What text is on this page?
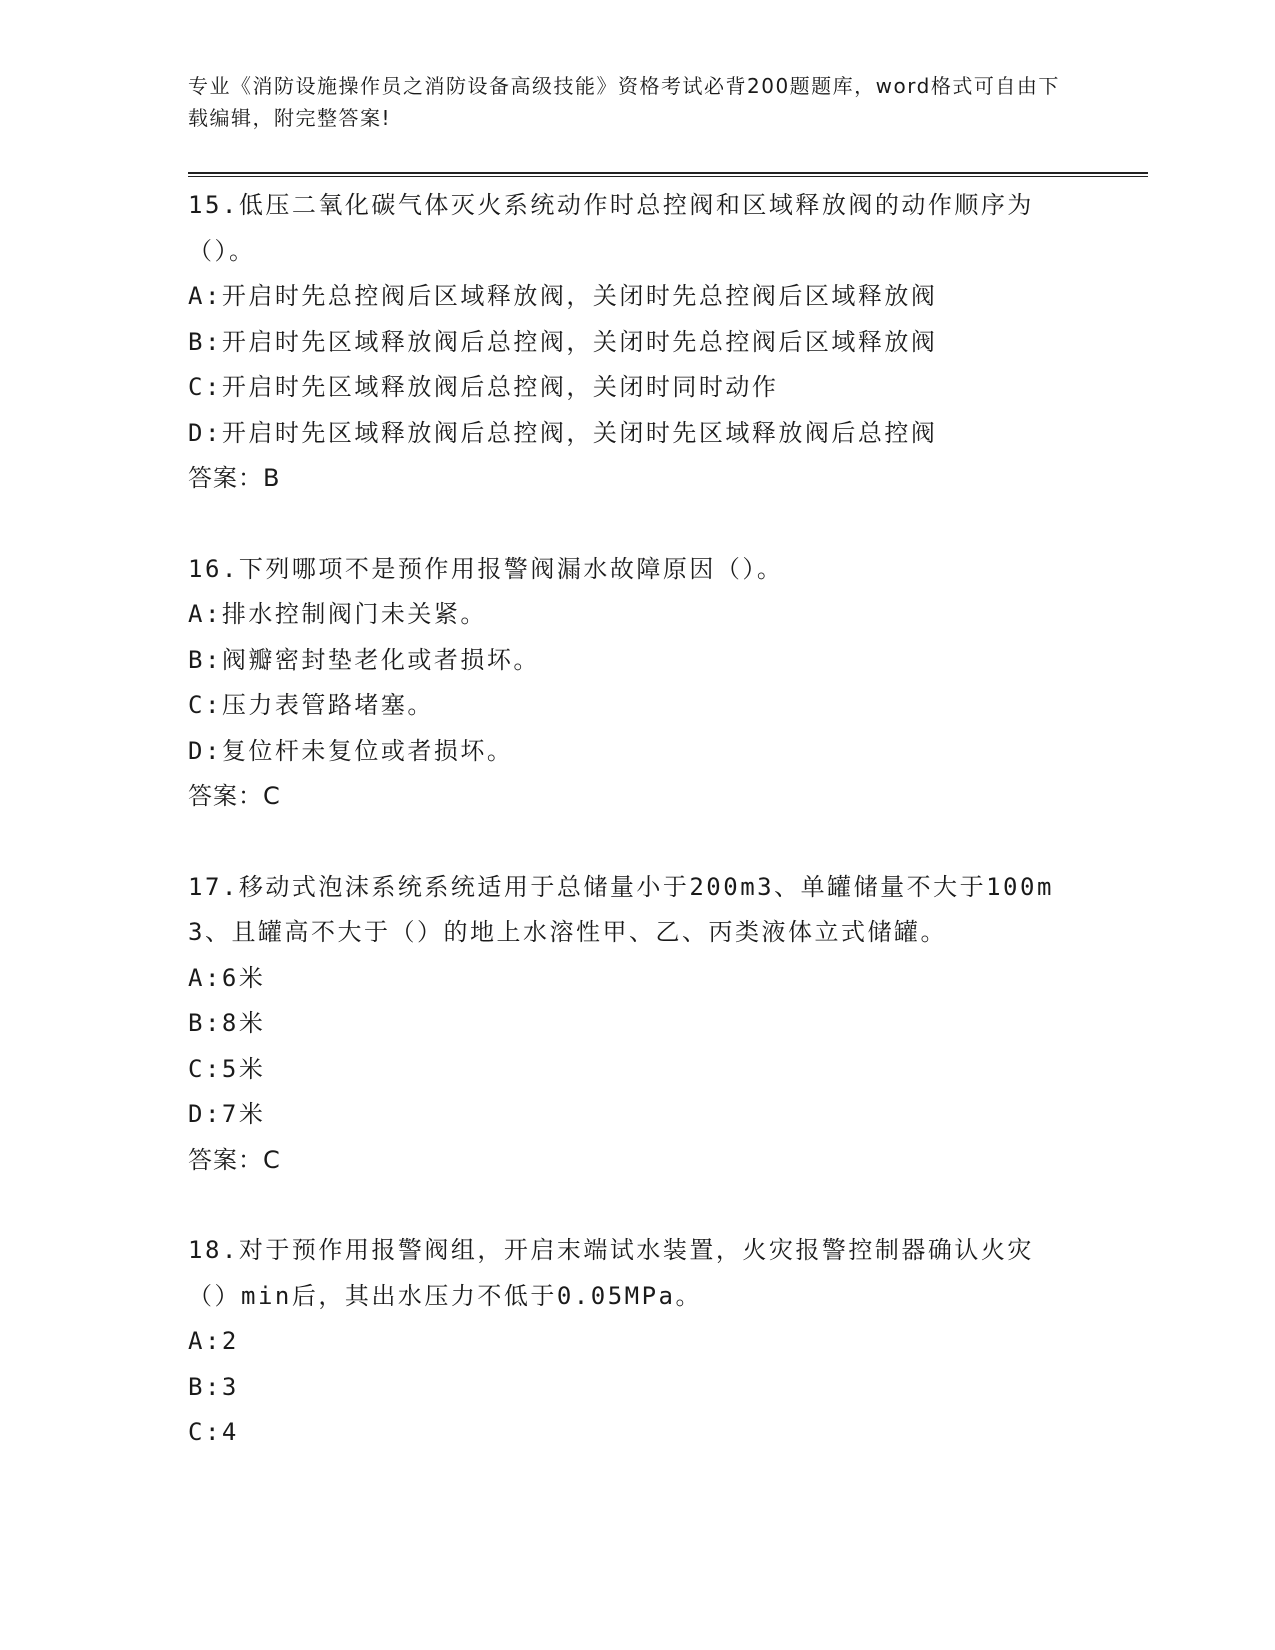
专业《消防设施操作员之消防设备高级技能》资格考试必背200题题库，word格式可自由下载编辑，附完整答案!

15.低压二氧化碳气体灭火系统动作时总控阀和区域释放阀的动作顺序为（）。

A:开启时先总控阀后区域释放阀，关闭时先总控阀后区域释放阀

B:开启时先区域释放阀后总控阀，关闭时先总控阀后区域释放阀

C:开启时先区域释放阀后总控阀，关闭时同时动作

D:开启时先区域释放阀后总控阀，关闭时先区域释放阀后总控阀

答案：B

16.下列哪项不是预作用报警阀漏水故障原因（）。

A:排水控制阀门未关紧。

B:阀瓣密封垫老化或者损坏。

C:压力表管路堵塞。

D:复位杆未复位或者损坏。

答案：C

17.移动式泡沫系统系统适用于总储量小于200m3、单罐储量不大于100m3、且罐高不大于（）的地上水溶性甲、乙、丙类液体立式储罐。

A:6米

B:8米

C:5米

D:7米

答案：C

18.对于预作用报警阀组，开启末端试水装置，火灾报警控制器确认火灾（）min后，其出水压力不低于0.05MPa。

A:2

B:3

C:4
